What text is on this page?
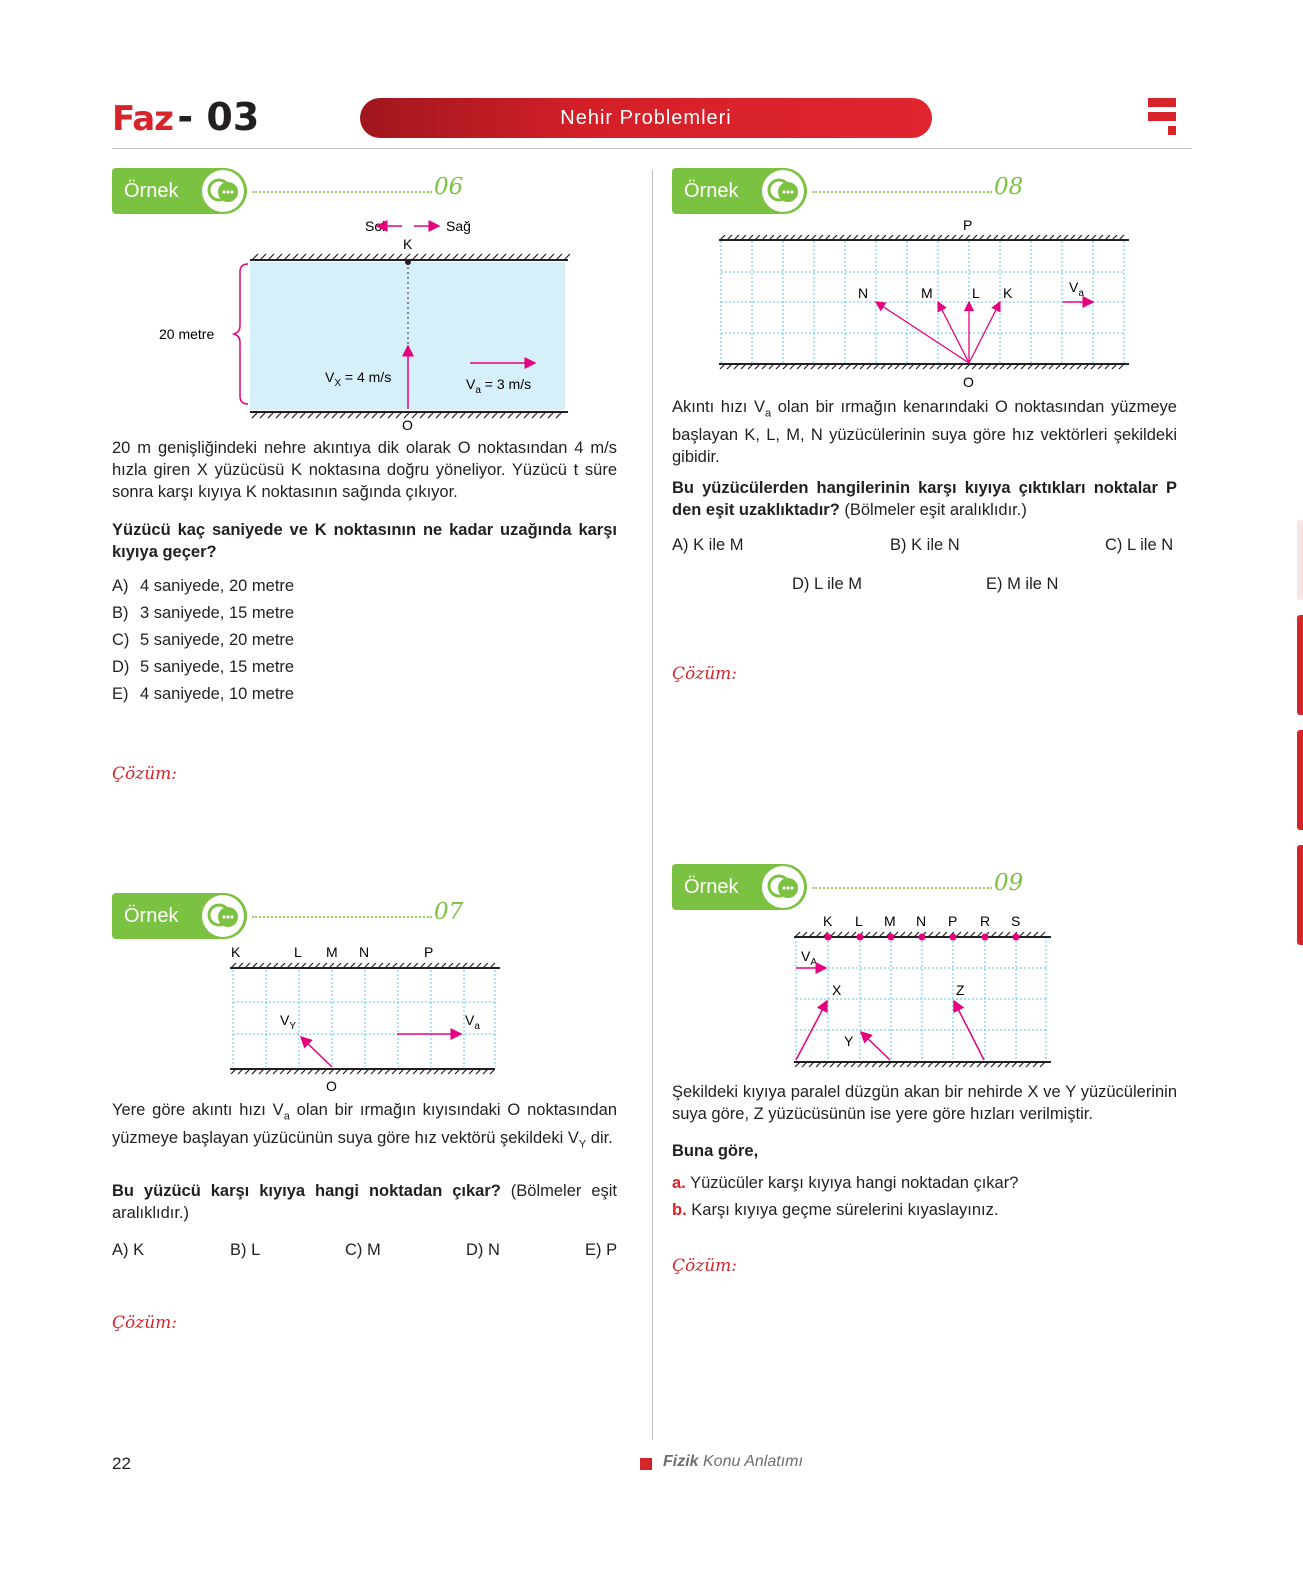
Faz - 03	Nehir Problemleri
Örnek	06
Sol	Sağ
K
O
20 metre
$V_X = 4$ m/s	$V_a = 3$ m/s
20 m genişliğindeki nehre akıntıya dik olarak O noktasından 4 m/s hızla giren X yüzücüsü K noktasına doğru yöneliyor. Yüzücü t süre sonra karşı kıyıya K noktasının sağında çıkıyor.
Yüzücü kaç saniyede ve K noktasının ne kadar uzağında karşı kıyıya geçer?
A) 4 saniyede, 20 metre
B) 3 saniyede, 15 metre
C) 5 saniyede, 20 metre
D) 5 saniyede, 15 metre
E) 4 saniyede, 10 metre
Çözüm:
Örnek	07
K	L M N	P
O
$V_Y$	$V_a$
Yere göre akıntı hızı $V_a$ olan bir ırmağın kıyısındaki O noktasından yüzmeye başlayan yüzücünün suya göre hız vektörü şekildeki $V_Y$ dir.
Bu yüzücü karşı kıyıya hangi noktadan çıkar? (Bölmeler eşit aralıklıdır.)
A) K	B) L	C) M	D) N	E) P
Çözüm:
Örnek	08
P
O
N	M	L K	$V_a$
Akıntı hızı $V_a$ olan bir ırmağın kenarındaki O noktasından yüzmeye başlayan K, L, M, N yüzücülerinin suya göre hız vektörleri şekildeki gibidir.
Bu yüzücülerden hangilerinin karşı kıyıya çıktıkları noktalar P den eşit uzaklıktadır? (Bölmeler eşit aralıklıdır.)
A) K ile M	B) K ile N	C) L ile N
D) L ile M	E) M ile N
Çözüm:
Örnek	09
K L M N P R S
$V_A$
X
Y
Z
Şekildeki kıyıya paralel düzgün akan bir nehirde X ve Y yüzücülerinin suya göre, Z yüzücüsünün ise yere göre hızları verilmiştir.
Buna göre,
a. Yüzücüler karşı kıyıya hangi noktadan çıkar?
b. Karşı kıyıya geçme sürelerini kıyaslayınız.
Çözüm:
22	Fizik Konu Anlatımı
